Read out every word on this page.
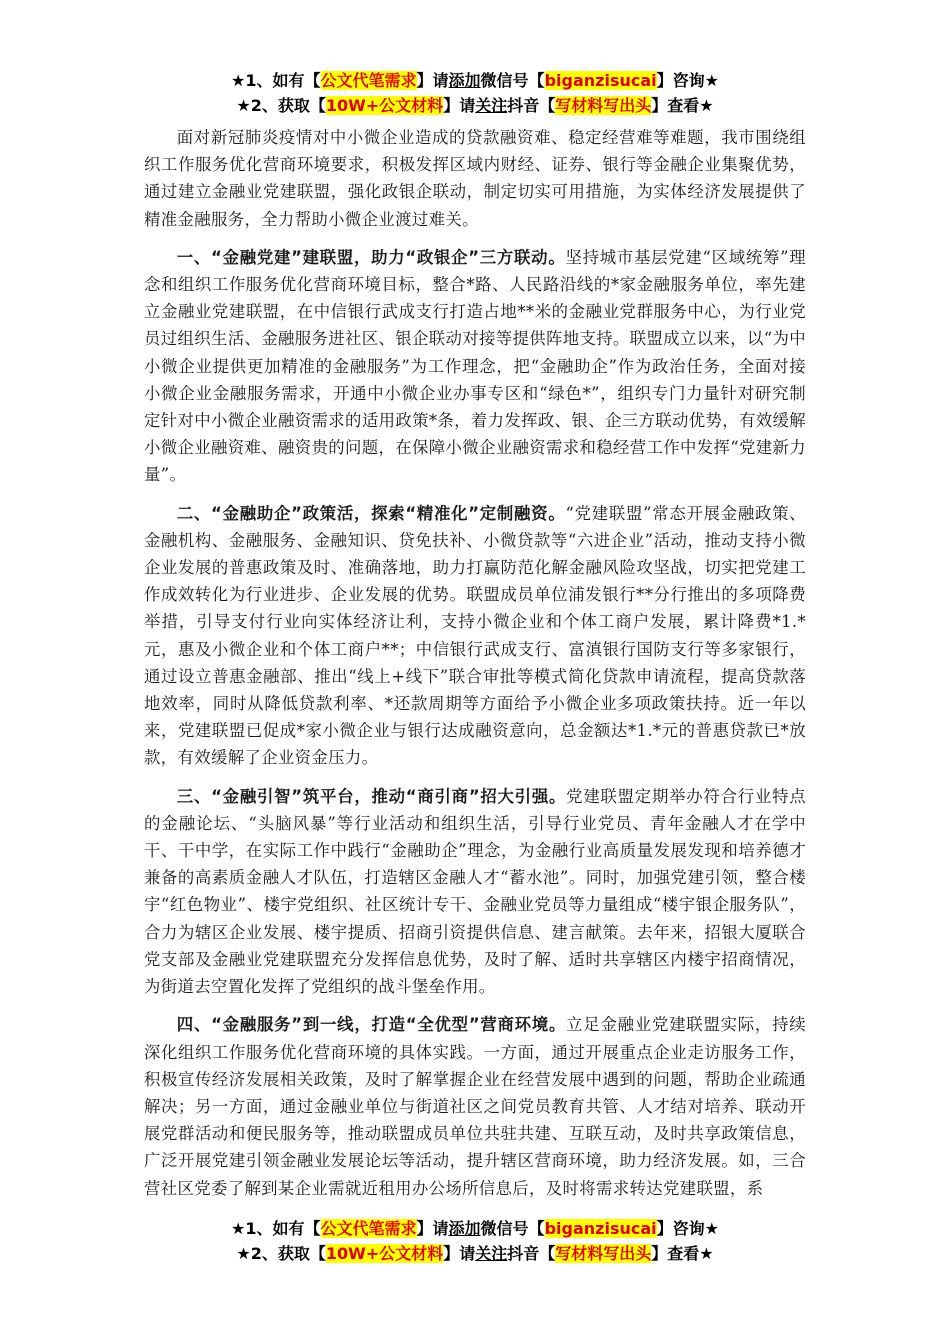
★1、如有【公文代笔需求】请添加微信号【biganzisucai】咨询★
★2、获取【10W+公文材料】请关注抖音【写材料写出头】查看★

面对新冠肺炎疫情对中小微企业造成的贷款融资难、稳定经营难等难题，我市围绕组织工作服务优化营商环境要求，积极发挥区域内财经、证券、银行等金融企业集聚优势，通过建立金融业党建联盟，强化政银企联动，制定切实可用措施，为实体经济发展提供了精准金融服务，全力帮助小微企业渡过难关。

一、“金融党建”建联盟，助力“政银企”三方联动。坚持城市基层党建“区域统筹”理念和组织工作服务优化营商环境目标，整合*路、人民路沿线的*家金融服务单位，率先建立金融业党建联盟，在中信银行武成支行打造占地**米的金融业党群服务中心，为行业党员过组织生活、金融服务进社区、银企联动对接等提供阵地支持。联盟成立以来，以“为中小微企业提供更加精准的金融服务”为工作理念，把“金融助企”作为政治任务，全面对接小微企业金融服务需求，开通中小微企业办事专区和“绿色*”，组织专门力量针对研究制定针对中小微企业融资需求的适用政策*条，着力发挥政、银、企三方联动优势，有效缓解小微企业融资难、融资贵的问题，在保障小微企业融资需求和稳经营工作中发挥“党建新力量”。

二、“金融助企”政策活，探索“精准化”定制融资。“党建联盟”常态开展金融政策、金融机构、金融服务、金融知识、贷免扶补、小微贷款等“六进企业”活动，推动支持小微企业发展的普惠政策及时、准确落地，助力打赢防范化解金融风险攻坚战，切实把党建工作成效转化为行业进步、企业发展的优势。联盟成员单位浦发银行**分行推出的多项降费举措，引导支付行业向实体经济让利，支持小微企业和个体工商户发展，累计降费*1.*元，惠及小微企业和个体工商户**；中信银行武成支行、富滇银行国防支行等多家银行，通过设立普惠金融部、推出“线上+线下”联合审批等模式简化贷款申请流程，提高贷款落地效率，同时从降低贷款利率、*还款周期等方面给予小微企业多项政策扶持。近一年以来，党建联盟已促成*家小微企业与银行达成融资意向，总金额达*1.*元的普惠贷款已*放款，有效缓解了企业资金压力。

三、“金融引智”筑平台，推动“商引商”招大引强。党建联盟定期举办符合行业特点的金融论坛、“头脑风暴”等行业活动和组织生活，引导行业党员、青年金融人才在学中干、干中学，在实际工作中践行“金融助企”理念，为金融行业高质量发展发现和培养德才兼备的高素质金融人才队伍，打造辖区金融人才“蓄水池”。同时，加强党建引领，整合楼宇“红色物业”、楼宇党组织、社区统计专干、金融业党员等力量组成“楼宇银企服务队”，合力为辖区企业发展、楼宇提质、招商引资提供信息、建言献策。去年来，招银大厦联合党支部及金融业党建联盟充分发挥信息优势，及时了解、适时共享辖区内楼宇招商情况，为街道去空置化发挥了党组织的战斗堡垒作用。

四、“金融服务”到一线，打造“全优型”营商环境。立足金融业党建联盟实际，持续深化组织工作服务优化营商环境的具体实践。一方面，通过开展重点企业走访服务工作，积极宣传经济发展相关政策，及时了解掌握企业在经营发展中遇到的问题，帮助企业疏通解决；另一方面，通过金融业单位与街道社区之间党员教育共管、人才结对培养、联动开展党群活动和便民服务等，推动联盟成员单位共驻共建、互联互动，及时共享政策信息，广泛开展党建引领金融业发展论坛等活动，提升辖区营商环境，助力经济发展。如，三合营社区党委了解到某企业需就近租用办公场所信息后，及时将需求转达党建联盟，系

★1、如有【公文代笔需求】请添加微信号【biganzisucai】咨询★
★2、获取【10W+公文材料】请关注抖音【写材料写出头】查看★
